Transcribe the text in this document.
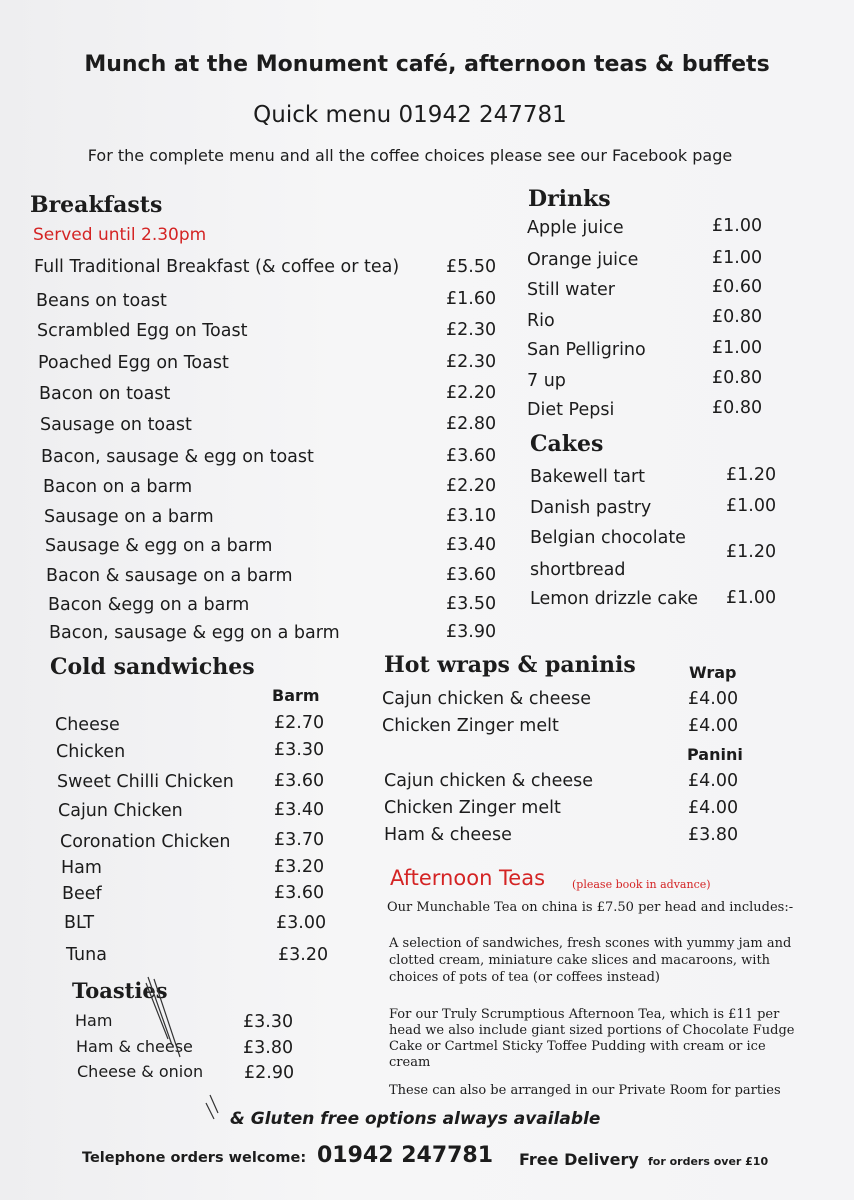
Munch at the Monument café, afternoon teas & buffets
Quick menu 01942 247781
For the complete menu and all the coffee choices please see our Facebook page
Breakfasts
Served until 2.30pm
Full Traditional Breakfast (& coffee or tea)	£5.50
Beans on toast	£1.60
Scrambled Egg on Toast	£2.30
Poached Egg on Toast	£2.30
Bacon on toast	£2.20
Sausage on toast	£2.80
Bacon, sausage & egg on toast	£3.60
Bacon on a barm	£2.20
Sausage on a barm	£3.10
Sausage & egg on a barm	£3.40
Bacon & sausage on a barm	£3.60
Bacon &egg on a barm	£3.50
Bacon, sausage & egg on a barm	£3.90
Drinks
Apple juice	£1.00
Orange juice	£1.00
Still water	£0.60
Rio	£0.80
San Pelligrino	£1.00
7 up	£0.80
Diet Pepsi	£0.80
Cakes
Bakewell tart	£1.20
Danish pastry	£1.00
Belgian chocolate
shortbread
£1.20
Lemon drizzle cake £1.00
Cold sandwiches
Barm
Cheese	£2.70
Chicken	£3.30
Sweet Chilli Chicken £3.60
Cajun Chicken	£3.40
Coronation Chicken £3.70
Ham	£3.20
Beef	£3.60
BLT	£3.00
Tuna	£3.20
Toasties
Ham	£3.30
Ham & cheese	£3.80
Cheese & onion £2.90
Hot wraps & paninis	Wrap
Cajun chicken & cheese	£4.00
Chicken Zinger melt	£4.00
Panini
Cajun chicken & cheese	£4.00
Chicken Zinger melt	£4.00
Ham & cheese	£3.80
Afternoon Teas (please book in advance)
Our Munchable Tea on china is £7.50 per head and includes:-
A selection of sandwiches, fresh scones with yummy jam and
clotted cream, miniature cake slices and macaroons, with
choices of pots of tea (or coffees instead)
For our Truly Scrumptious Afternoon Tea, which is £11 per
head we also include giant sized portions of Chocolate Fudge
Cake or Cartmel Sticky Toffee Pudding with cream or ice
cream
These can also be arranged in our Private Room for parties
& Gluten free options always available
Telephone orders welcome: 01942 247781 Free Delivery for orders over £10
